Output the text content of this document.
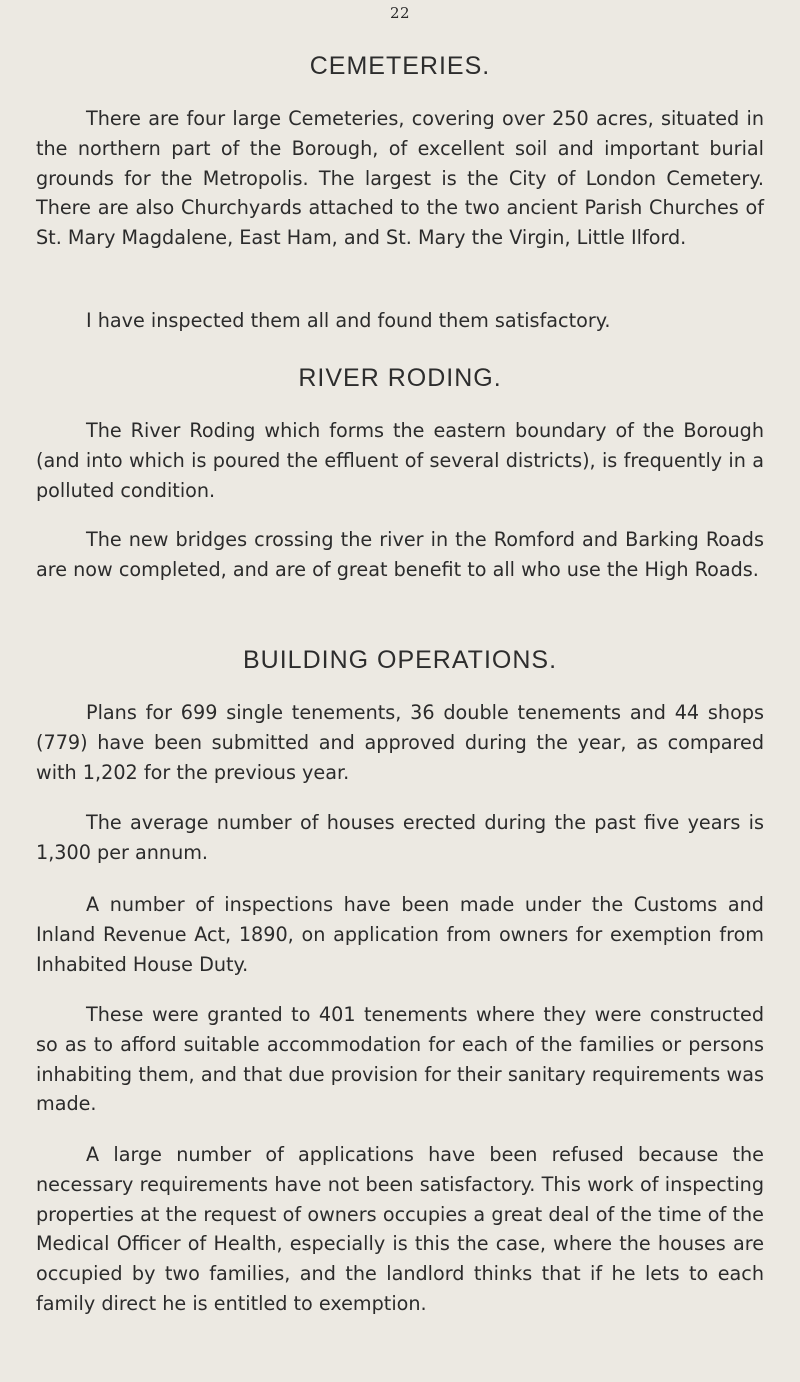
22
CEMETERIES.

There are four large Cemeteries, covering over 250 acres, situated in the northern part of the Borough, of excellent soil and important burial grounds for the Metropolis. The largest is the City of London Cemetery. There are also Churchyards attached to the two ancient Parish Churches of St. Mary Magdalene, East Ham, and St. Mary the Virgin, Little Ilford.

I have inspected them all and found them satisfactory.

RIVER RODING.

The River Roding which forms the eastern boundary of the Borough (and into which is poured the effluent of several districts), is frequently in a polluted condition.

The new bridges crossing the river in the Romford and Barking Roads are now completed, and are of great benefit to all who use the High Roads.

BUILDING OPERATIONS.

Plans for 699 single tenements, 36 double tenements and 44 shops (779) have been submitted and approved during the year, as compared with 1,202 for the previous year.

The average number of houses erected during the past five years is 1,300 per annum.

A number of inspections have been made under the Customs and Inland Revenue Act, 1890, on application from owners for exemption from Inhabited House Duty.

These were granted to 401 tenements where they were constructed so as to afford suitable accommodation for each of the families or persons inhabiting them, and that due provision for their sanitary requirements was made.

A large number of applications have been refused because the necessary requirements have not been satisfactory. This work of inspecting properties at the request of owners occupies a great deal of the time of the Medical Officer of Health, especially is this the case, where the houses are occupied by two families, and the landlord thinks that if he lets to each family direct he is entitled to exemption.
